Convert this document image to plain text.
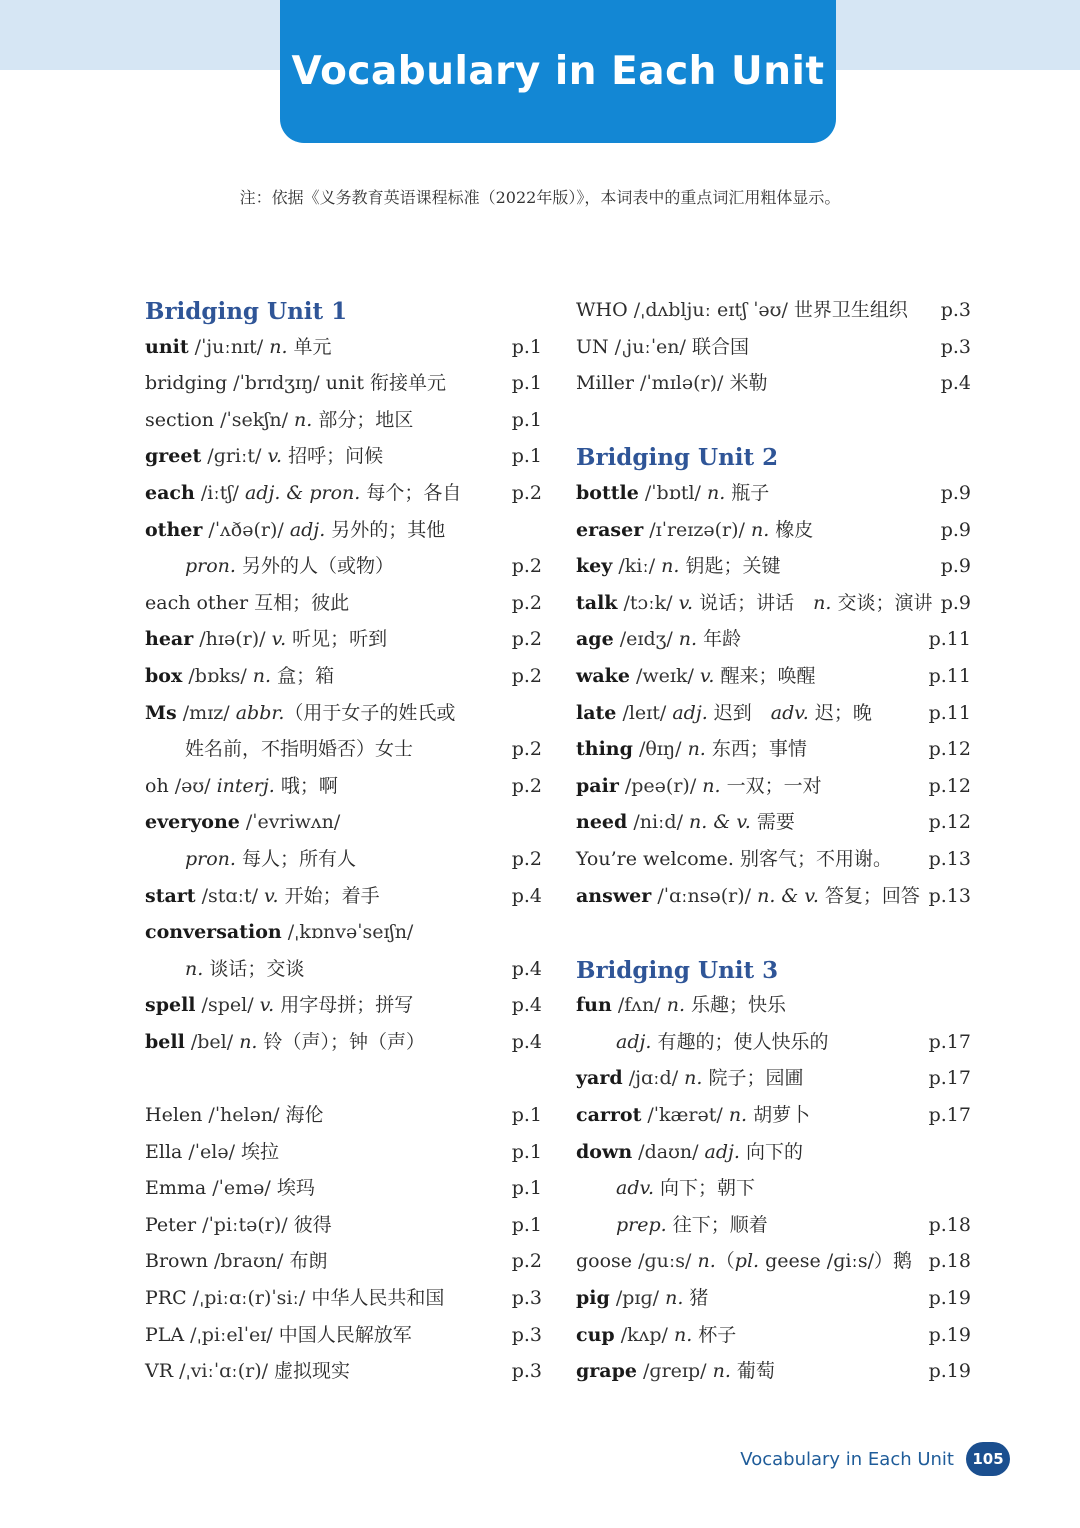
Vocabulary in Each Unit
注：依据《义务教育英语课程标准（2022年版）》，本词表中的重点词汇用粗体显示。
Bridging Unit 1
unit /ˈjuːnɪt/ n. 单元	p.1
bridging /ˈbrɪdʒɪŋ/ unit 衔接单元	p.1
section /ˈsekʃn/ n. 部分；地区	p.1
greet /ɡriːt/ v. 招呼；问候	p.1
each /iːtʃ/ adj. & pron. 每个；各自	p.2
other /ˈʌðə(r)/ adj. 另外的；其他
pron. 另外的人（或物）	p.2
each other 互相；彼此	p.2
hear /hɪə(r)/ v. 听见；听到	p.2
box /bɒks/ n. 盒；箱	p.2
Ms /mɪz/ abbr.（用于女子的姓氏或
姓名前，不指明婚否）女士	p.2
oh /əʊ/ interj. 哦；啊	p.2
everyone /ˈevriwʌn/
pron. 每人；所有人	p.2
start /stɑːt/ v. 开始；着手	p.4
conversation /ˌkɒnvəˈseɪʃn/
n. 谈话；交谈	p.4
spell /spel/ v. 用字母拼；拼写	p.4
bell /bel/ n. 铃（声）；钟（声）	p.4
Helen /ˈhelən/ 海伦	p.1
Ella /ˈelə/ 埃拉	p.1
Emma /ˈemə/ 埃玛	p.1
Peter /ˈpiːtə(r)/ 彼得	p.1
Brown /braʊn/ 布朗	p.2
PRC /ˌpiːɑː(r)ˈsiː/ 中华人民共和国	p.3
PLA /ˌpiːelˈeɪ/ 中国人民解放军	p.3
VR /ˌviːˈɑː(r)/ 虚拟现实	p.3
WHO /ˌdʌbljuː eɪtʃ ˈəʊ/ 世界卫生组织 p.3
UN /ˌjuːˈen/ 联合国	p.3
Miller /ˈmɪlə(r)/ 米勒	p.4
Bridging Unit 2
bottle /ˈbɒtl/ n. 瓶子	p.9
eraser /ɪˈreɪzə(r)/ n. 橡皮	p.9
key /kiː/ n. 钥匙；关键	p.9
talk /tɔːk/ v. 说话；讲话　n. 交谈；演讲 p.9
age /eɪdʒ/ n. 年龄	p.11
wake /weɪk/ v. 醒来；唤醒	p.11
late /leɪt/ adj. 迟到　adv. 迟；晚	p.11
thing /θɪŋ/ n. 东西；事情	p.12
pair /peə(r)/ n. 一双；一对	p.12
need /niːd/ n. & v. 需要	p.12
You’re welcome. 别客气；不用谢。 p.13
answer /ˈɑːnsə(r)/ n. & v. 答复；回答 p.13
Bridging Unit 3
fun /fʌn/ n. 乐趣；快乐
adj. 有趣的；使人快乐的	p.17
yard /jɑːd/ n. 院子；园圃	p.17
carrot /ˈkærət/ n. 胡萝卜	p.17
down /daʊn/ adj. 向下的
adv. 向下；朝下
prep. 往下；顺着	p.18
goose /ɡuːs/ n.（pl. geese /ɡiːs/）鹅 p.18
pig /pɪɡ/ n. 猪	p.19
cup /kʌp/ n. 杯子	p.19
grape /ɡreɪp/ n. 葡萄	p.19
Vocabulary in Each Unit	105
